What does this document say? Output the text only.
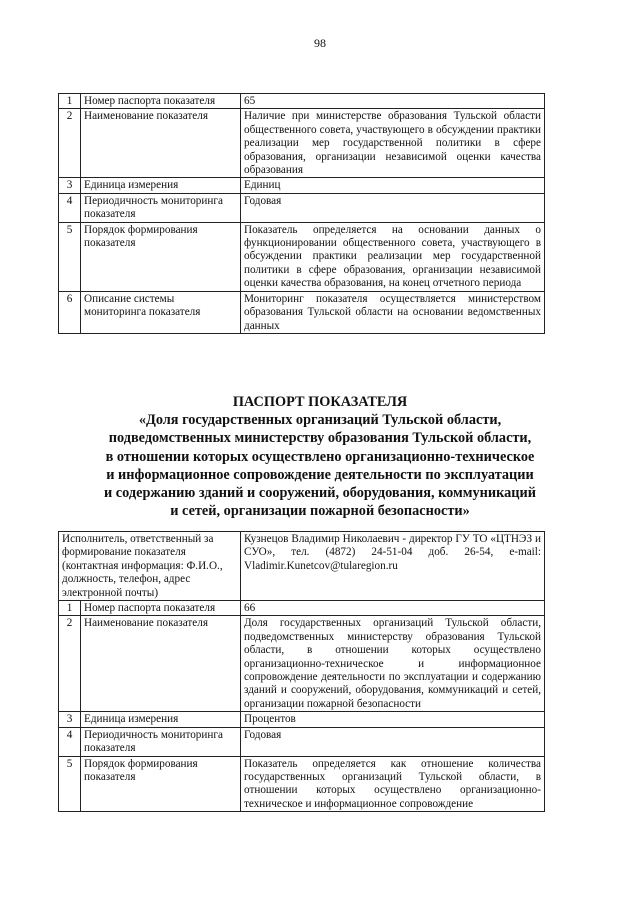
98
1	Номер паспорта показателя	65
2	Наименование показателя	Наличие при министерстве образования Тульской области общественного совета, участвующего в обсуждении практики реализации мер государственной политики в сфере образования, организации независимой оценки качества образования
3	Единица измерения	Единиц
4	Периодичность мониторинга показателя	Годовая
5	Порядок формирования показателя	Показатель определяется на основании данных о функционировании общественного совета, участвующего в обсуждении практики реализации мер государственной политики в сфере образования, организации независимой оценки качества образования, на конец отчетного периода
6	Описание системы мониторинга показателя	Мониторинг показателя осуществляется министерством образования Тульской области на основании ведомственных данных
ПАСПОРТ ПОКАЗАТЕЛЯ
«Доля государственных организаций Тульской области,
подведомственных министерству образования Тульской области,
в отношении которых осуществлено организационно-техническое
и информационное сопровождение деятельности по эксплуатации
и содержанию зданий и сооружений, оборудования, коммуникаций
и сетей, организации пожарной безопасности»
Исполнитель, ответственный за формирование показателя (контактная информация: Ф.И.О., должность, телефон, адрес электронной почты)		Кузнецов Владимир Николаевич - директор ГУ ТО «ЦТНЭЗ и СУО», тел. (4872) 24-51-04 доб. 26-54, e-mail: Vladimir.Kunetcov@tularegion.ru
1	Номер паспорта показателя	66
2	Наименование показателя	Доля государственных организаций Тульской области, подведомственных министерству образования Тульской области, в отношении которых осуществлено организационно-техническое и информационное сопровождение деятельности по эксплуатации и содержанию зданий и сооружений, оборудования, коммуникаций и сетей, организации пожарной безопасности
3	Единица измерения	Процентов
4	Периодичность мониторинга показателя	Годовая
5	Порядок формирования показателя	Показатель определяется как отношение количества государственных организаций Тульской области, в отношении которых осуществлено организационно-техническое и информационное сопровождение
